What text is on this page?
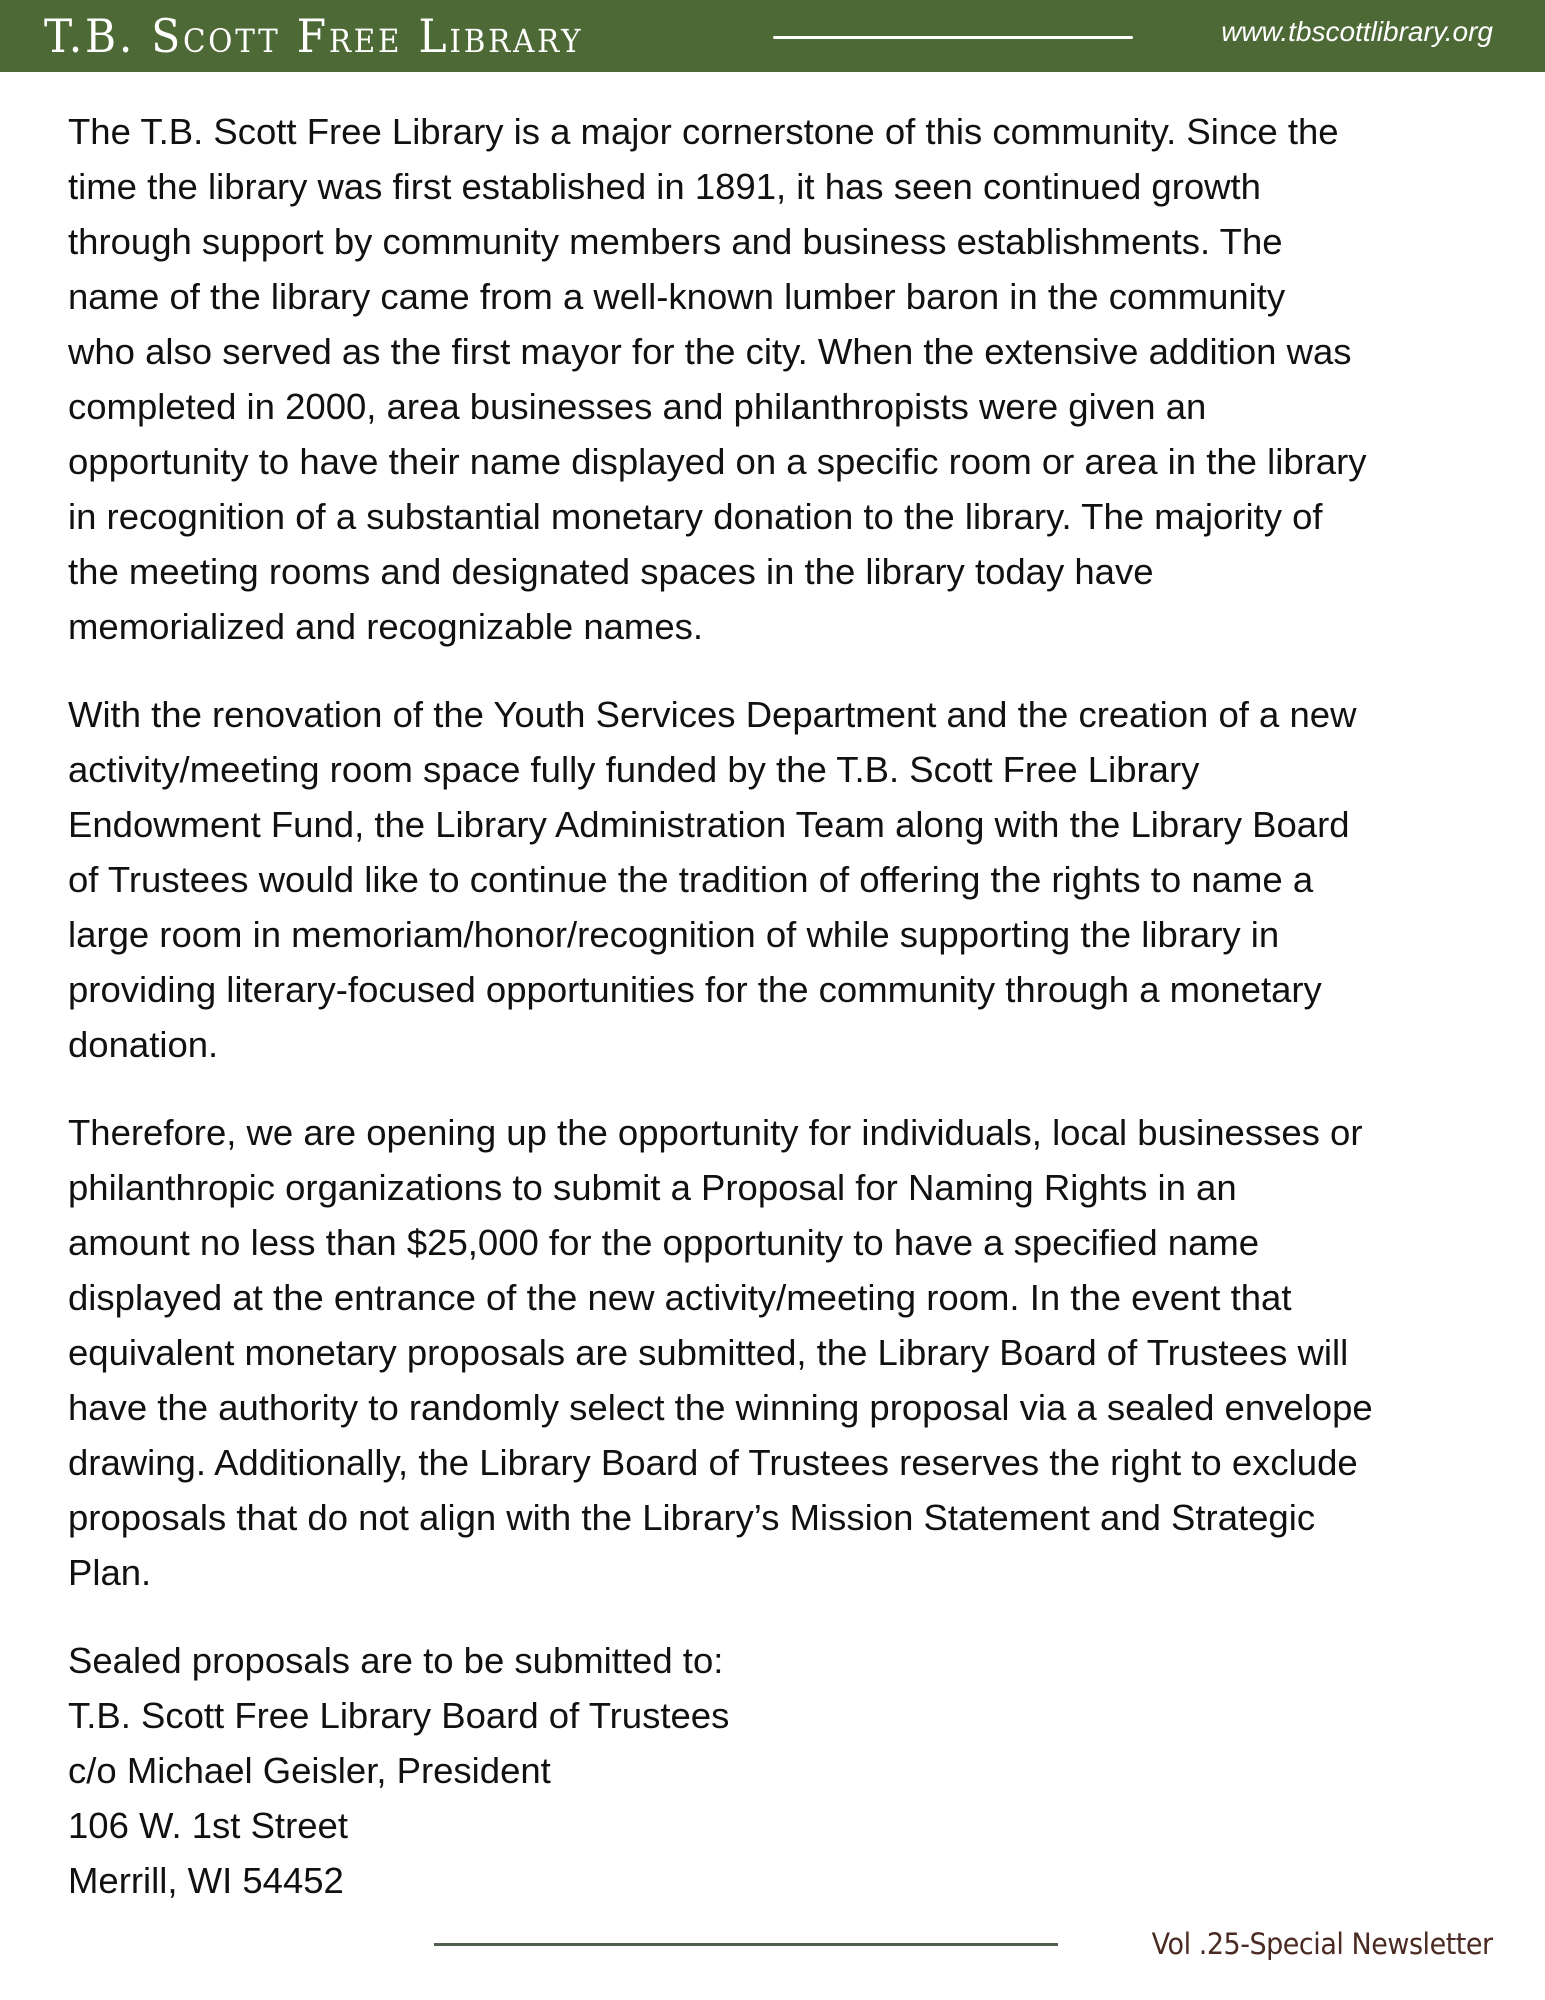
T.B. Scott Free Library	www.tbscottlibrary.org

The T.B. Scott Free Library is a major cornerstone of this community. Since the
time the library was first established in 1891, it has seen continued growth
through support by community members and business establishments. The
name of the library came from a well-known lumber baron in the community
who also served as the first mayor for the city. When the extensive addition was
completed in 2000, area businesses and philanthropists were given an
opportunity to have their name displayed on a specific room or area in the library
in recognition of a substantial monetary donation to the library. The majority of
the meeting rooms and designated spaces in the library today have
memorialized and recognizable names.

With the renovation of the Youth Services Department and the creation of a new
activity/meeting room space fully funded by the T.B. Scott Free Library
Endowment Fund, the Library Administration Team along with the Library Board
of Trustees would like to continue the tradition of offering the rights to name a
large room in memoriam/honor/recognition of while supporting the library in
providing literary-focused opportunities for the community through a monetary
donation.

Therefore, we are opening up the opportunity for individuals, local businesses or
philanthropic organizations to submit a Proposal for Naming Rights in an
amount no less than $25,000 for the opportunity to have a specified name
displayed at the entrance of the new activity/meeting room. In the event that
equivalent monetary proposals are submitted, the Library Board of Trustees will
have the authority to randomly select the winning proposal via a sealed envelope
drawing. Additionally, the Library Board of Trustees reserves the right to exclude
proposals that do not align with the Library’s Mission Statement and Strategic
Plan.

Sealed proposals are to be submitted to:
T.B. Scott Free Library Board of Trustees
c/o Michael Geisler, President
106 W. 1st Street
Merrill, WI 54452
Vol .25-Special Newsletter
